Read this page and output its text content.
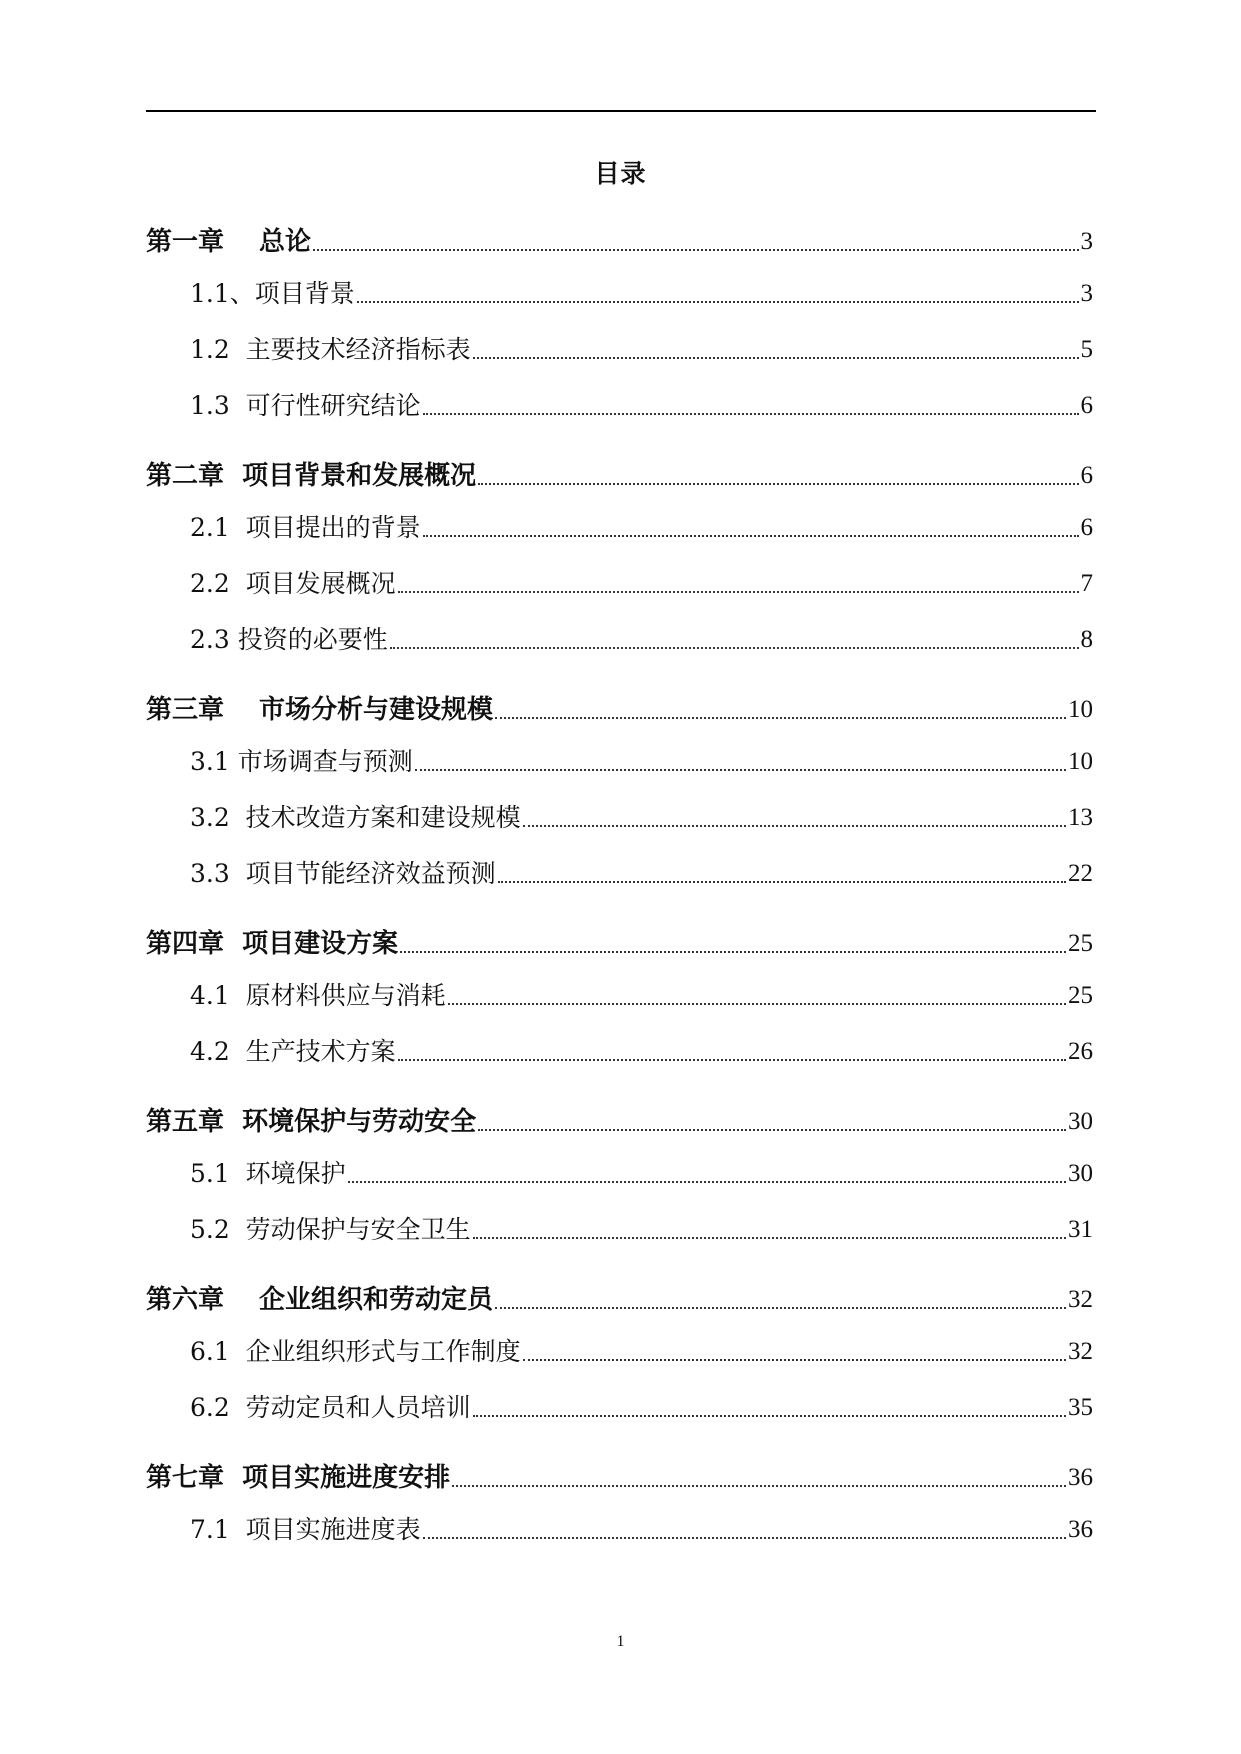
目录
第一章　 总论	3
1.1、项目背景	3
1.2  主要技术经济指标表	5
1.3  可行性研究结论	6
第二章  项目背景和发展概况	6
2.1  项目提出的背景	6
2.2  项目发展概况	7
2.3 投资的必要性	8
第三章　 市场分析与建设规模	10
3.1 市场调查与预测	10
3.2  技术改造方案和建设规模	13
3.3  项目节能经济效益预测	22
第四章  项目建设方案	25
4.1  原材料供应与消耗	25
4.2  生产技术方案	26
第五章  环境保护与劳动安全	30
5.1  环境保护	30
5.2  劳动保护与安全卫生	31
第六章　 企业组织和劳动定员	32
6.1  企业组织形式与工作制度	32
6.2  劳动定员和人员培训	35
第七章  项目实施进度安排	36
7.1  项目实施进度表	36
1
